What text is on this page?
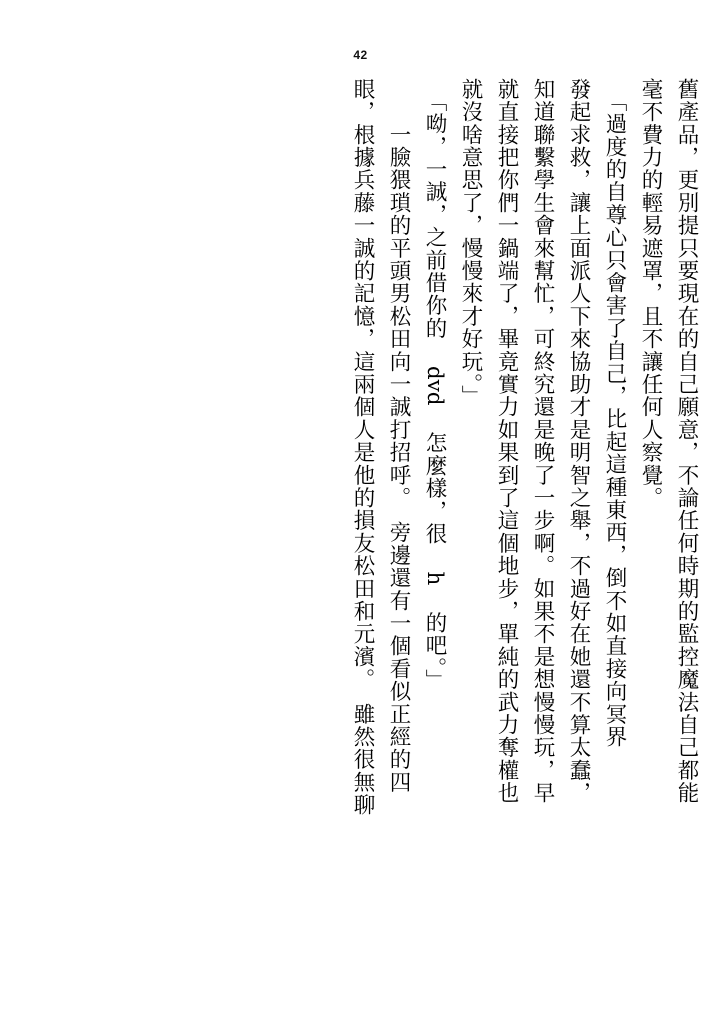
42
舊產品，更別提只要現在的自己願意，不論任何時期的監控魔法自己都能
毫不費力的輕易遮罩，且不讓任何人察覺。
　「過度的自尊心只會害了自己，比起這種東西，倒不如直接向冥界
發起求救，讓上面派人下來協助才是明智之舉，不過好在她還不算太蠢，
知道聯繫學生會來幫忙，可終究還是晚了一步啊。如果不是想慢慢玩，早
就直接把你們一鍋端了，畢竟實力如果到了這個地步，單純的武力奪權也
就沒啥意思了，慢慢來才好玩。」
　「呦，一誠，之前借你的 dvd 怎麼樣，很 h 的吧。」
　　一臉猥瑣的平頭男松田向一誠打招呼。　旁邊還有一個看似正經的四
眼，根據兵藤一誠的記憶，這兩個人是他的損友松田和元濱。　雖然很無聊
